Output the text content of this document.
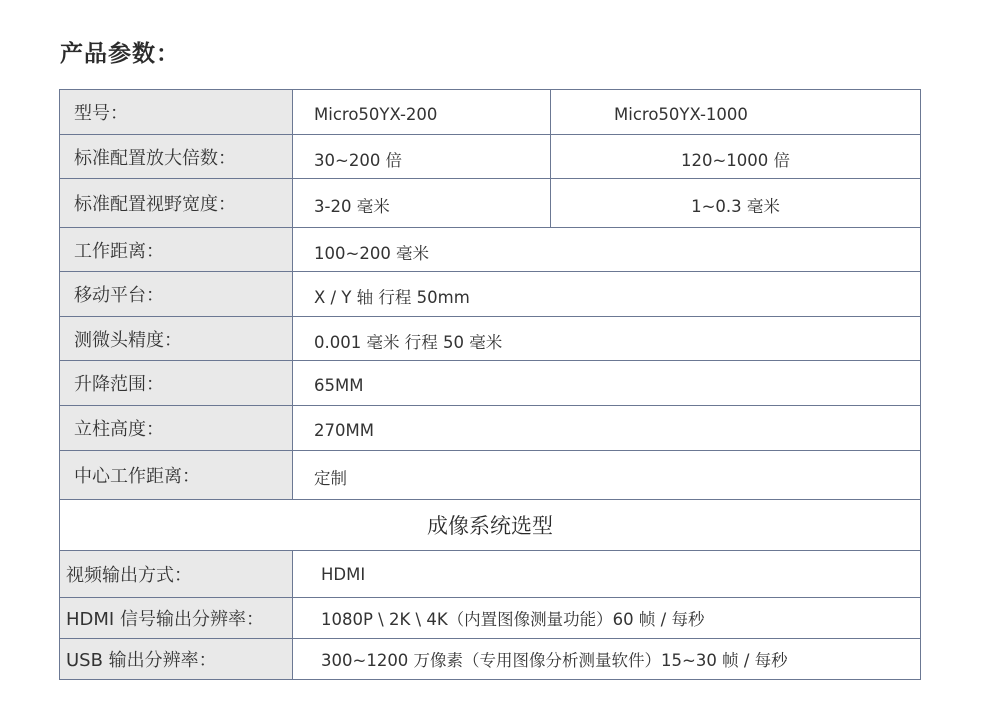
产品参数：
型号：	Micro50YX-200	Micro50YX-1000
标准配置放大倍数：	30~200 倍	120~1000 倍
标准配置视野宽度：	3-20 毫米	1~0.3 毫米
工作距离：	100~200 毫米	
移动平台：	X / Y 轴 行程 50mm	
测微头精度：	0.001 毫米 行程 50 毫米	
升降范围：	65MM	
立柱高度：	270MM	
中心工作距离：	定制	
成像系统选型		
视频输出方式：	HDMI	
HDMI 信号输出分辨率：	1080P \ 2K \ 4K（内置图像测量功能）60 帧 / 每秒	
USB 输出分辨率：	300~1200 万像素（专用图像分析测量软件）15~30 帧 / 每秒	
